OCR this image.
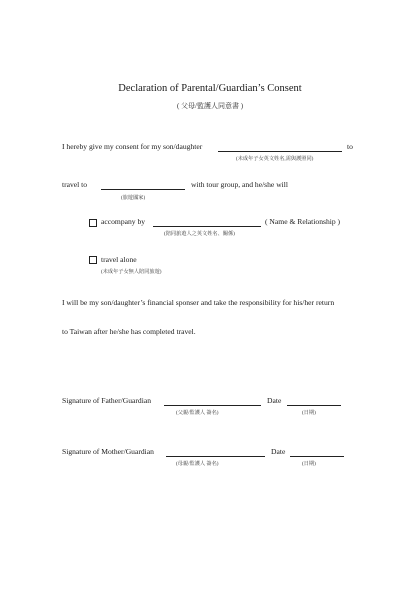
Declaration of Parental/Guardian’s Consent
( 父母/監護人同意書 )
I hereby give my consent for my son/daughter	to
(未成年子女英文姓名,需與護照同)
travel to	with tour group, and he/she will
(旅遊國家)
accompany by	( Name & Relationship )
(陪同旅遊人之英文姓名、關係)
travel alone
(未成年子女無人陪同旅遊)
I will be my son/daughter’s financial sponser and take the responsibility for his/her return
to Taiwan after he/she has completed travel.
Signature of Father/Guardian	Date
(父親/監護人 簽名)	(日期)
Signature of Mother/Guardian	Date
(母親/監護人 簽名)	(日期)
